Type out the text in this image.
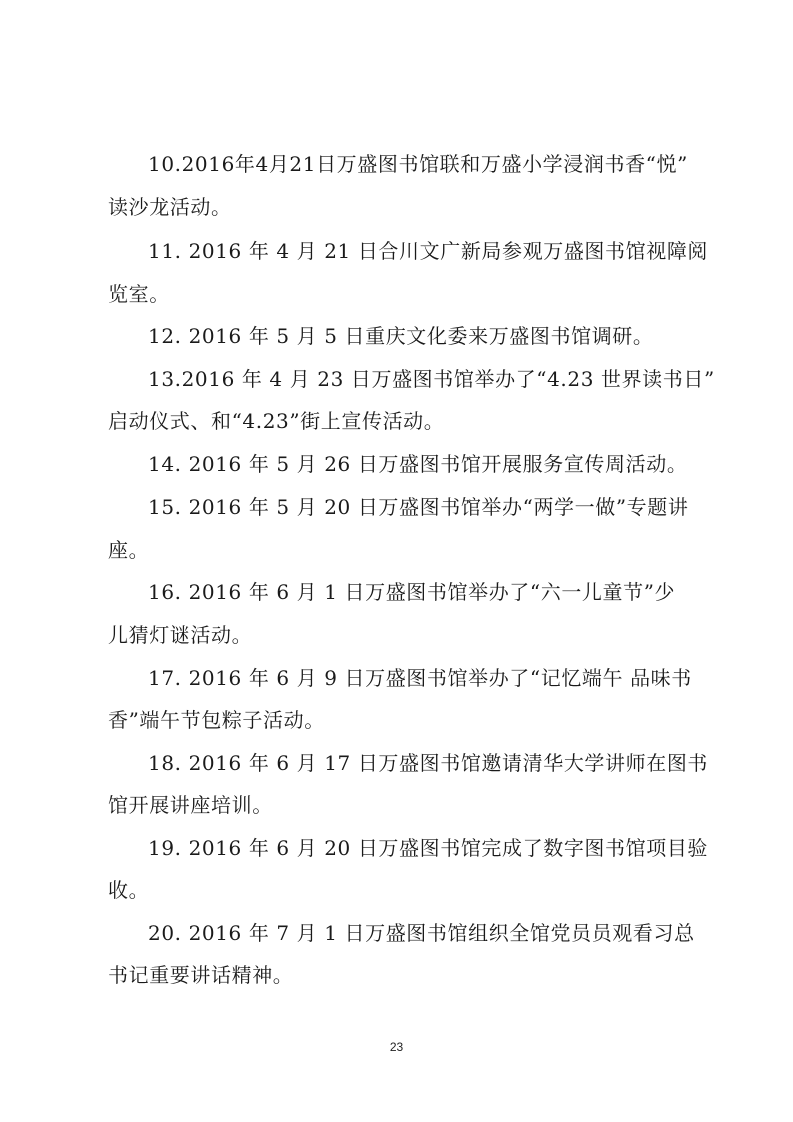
10.2016年4月21日万盛图书馆联和万盛小学浸润书香“悦”
读沙龙活动。
11. 2016 年 4 月 21 日合川文广新局参观万盛图书馆视障阅
览室。
12. 2016 年 5 月 5 日重庆文化委来万盛图书馆调研。
13.2016 年 4 月 23 日万盛图书馆举办了“4.23 世界读书日”
启动仪式、和“4.23”街上宣传活动。
14. 2016 年 5 月 26 日万盛图书馆开展服务宣传周活动。
15. 2016 年 5 月 20 日万盛图书馆举办“两学一做”专题讲
座。
16. 2016 年 6 月 1 日万盛图书馆举办了“六一儿童节”少
儿猜灯谜活动。
17. 2016 年 6 月 9 日万盛图书馆举办了“记忆端午 品味书
香”端午节包粽子活动。
18. 2016 年 6 月 17 日万盛图书馆邀请清华大学讲师在图书
馆开展讲座培训。
19. 2016 年 6 月 20 日万盛图书馆完成了数字图书馆项目验
收。
20. 2016 年 7 月 1 日万盛图书馆组织全馆党员员观看习总
书记重要讲话精神。
23
